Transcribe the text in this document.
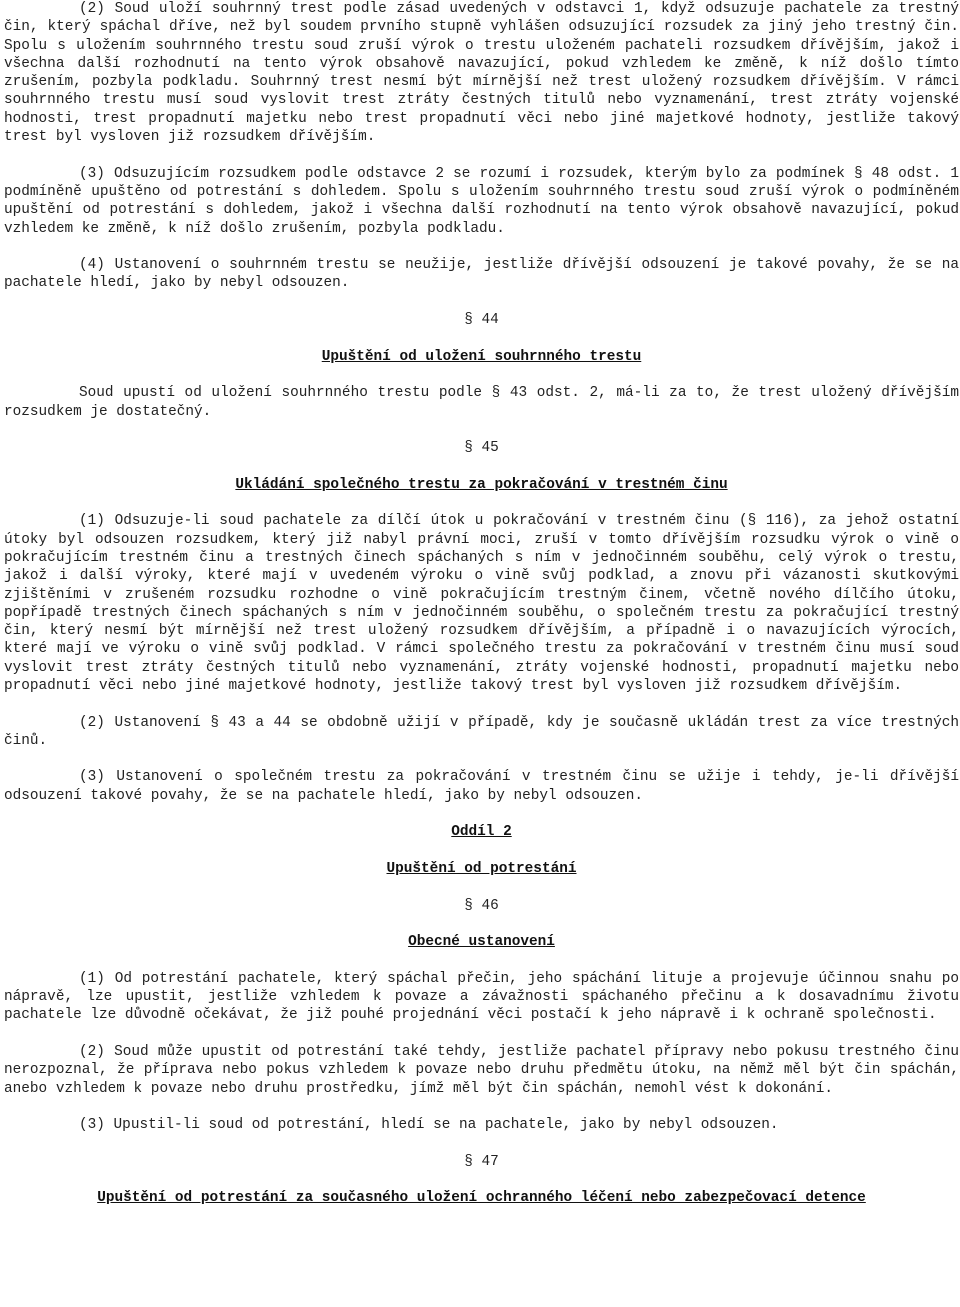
(2) Soud uloží souhrnný trest podle zásad uvedených v odstavci 1, když odsuzuje pachatele za trestný čin, který spáchal dříve, než byl soudem prvního stupně vyhlášen odsuzující rozsudek za jiný jeho trestný čin. Spolu s uložením souhrnného trestu soud zruší výrok o trestu uloženém pachateli rozsudkem dřívějším, jakož i všechna další rozhodnutí na tento výrok obsahově navazující, pokud vzhledem ke změně, k níž došlo tímto zrušením, pozbyla podkladu. Souhrnný trest nesmí být mírnější než trest uložený rozsudkem dřívějším. V rámci souhrnného trestu musí soud vyslovit trest ztráty čestných titulů nebo vyznamenání, trest ztráty vojenské hodnosti, trest propadnutí majetku nebo trest propadnutí věci nebo jiné majetkové hodnoty, jestliže takový trest byl vysloven již rozsudkem dřívějším.

(3) Odsuzujícím rozsudkem podle odstavce 2 se rozumí i rozsudek, kterým bylo za podmínek § 48 odst. 1 podmíněně upuštěno od potrestání s dohledem. Spolu s uložením souhrnného trestu soud zruší výrok o podmíněném upuštění od potrestání s dohledem, jakož i všechna další rozhodnutí na tento výrok obsahově navazující, pokud vzhledem ke změně, k níž došlo zrušením, pozbyla podkladu.

(4) Ustanovení o souhrnném trestu se neužije, jestliže dřívější odsouzení je takové povahy, že se na pachatele hledí, jako by nebyl odsouzen.

§ 44
Upuštění od uložení souhrnného trestu

Soud upustí od uložení souhrnného trestu podle § 43 odst. 2, má-li za to, že trest uložený dřívějším rozsudkem je dostatečný.

§ 45
Ukládání společného trestu za pokračování v trestném činu

(1) Odsuzuje-li soud pachatele za dílčí útok u pokračování v trestném činu (§ 116), za jehož ostatní útoky byl odsouzen rozsudkem, který již nabyl právní moci, zruší v tomto dřívějším rozsudku výrok o vině o pokračujícím trestném činu a trestných činech spáchaných s ním v jednočinném souběhu, celý výrok o trestu, jakož i další výroky, které mají v uvedeném výroku o vině svůj podklad, a znovu při vázanosti skutkovými zjištěními v zrušeném rozsudku rozhodne o vině pokračujícím trestným činem, včetně nového dílčího útoku, popřípadě trestných činech spáchaných s ním v jednočinném souběhu, o společném trestu za pokračující trestný čin, který nesmí být mírnější než trest uložený rozsudkem dřívějším, a případně i o navazujících výrocích, které mají ve výroku o vině svůj podklad. V rámci společného trestu za pokračování v trestném činu musí soud vyslovit trest ztráty čestných titulů nebo vyznamenání, ztráty vojenské hodnosti, propadnutí majetku nebo propadnutí věci nebo jiné majetkové hodnoty, jestliže takový trest byl vysloven již rozsudkem dřívějším.

(2) Ustanovení § 43 a 44 se obdobně užijí v případě, kdy je současně ukládán trest za více trestných činů.

(3) Ustanovení o společném trestu za pokračování v trestném činu se užije i tehdy, je-li dřívější odsouzení takové povahy, že se na pachatele hledí, jako by nebyl odsouzen.

Oddíl 2
Upuštění od potrestání
§ 46
Obecné ustanovení

(1) Od potrestání pachatele, který spáchal přečin, jeho spáchání lituje a projevuje účinnou snahu po nápravě, lze upustit, jestliže vzhledem k povaze a závažnosti spáchaného přečinu a k dosavadnímu životu pachatele lze důvodně očekávat, že již pouhé projednání věci postačí k jeho nápravě i k ochraně společnosti.

(2) Soud může upustit od potrestání také tehdy, jestliže pachatel přípravy nebo pokusu trestného činu nerozpoznal, že příprava nebo pokus vzhledem k povaze nebo druhu předmětu útoku, na němž měl být čin spáchán, anebo vzhledem k povaze nebo druhu prostředku, jímž měl být čin spáchán, nemohl vést k dokonání.

(3) Upustil-li soud od potrestání, hledí se na pachatele, jako by nebyl odsouzen.

§ 47
Upuštění od potrestání za současného uložení ochranného léčení nebo zabezpečovací detence
